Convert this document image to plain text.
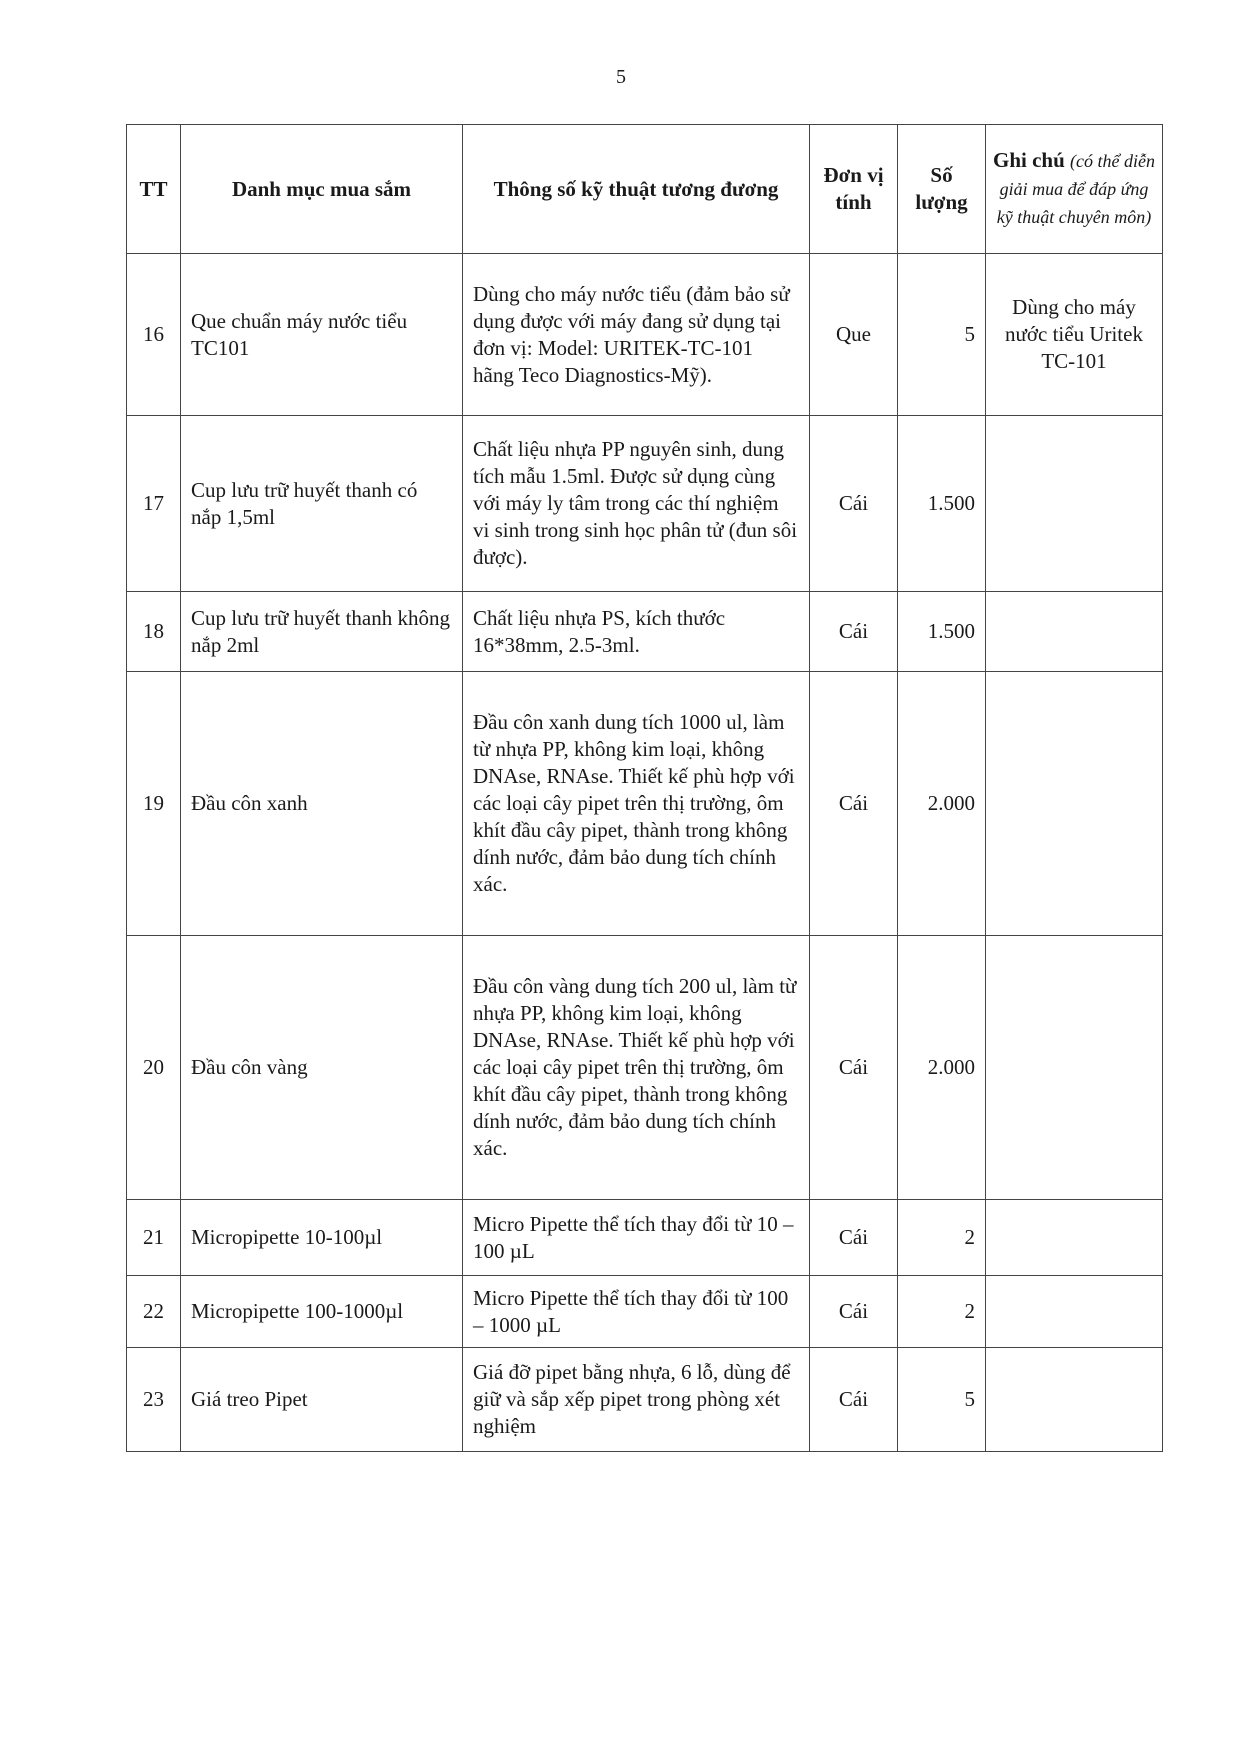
5
TT	Danh mục mua sắm	Thông số kỹ thuật tương đương	Đơn vị tính	Số lượng	Ghi chú (có thể diễn giải mua để đáp ứng kỹ thuật chuyên môn)
16	Que chuẩn máy nước tiểu TC101	Dùng cho máy nước tiểu (đảm bảo sử dụng được với máy đang sử dụng tại đơn vị: Model: URITEK-TC-101 hãng Teco Diagnostics-Mỹ).	Que	5	Dùng cho máy nước tiểu Uritek TC-101
17	Cup lưu trữ huyết thanh có nắp 1,5ml	Chất liệu nhựa PP nguyên sinh, dung tích mẫu 1.5ml. Được sử dụng cùng với máy ly tâm trong các thí nghiệm vi sinh trong sinh học phân tử (đun sôi được).	Cái	1.500	
18	Cup lưu trữ huyết thanh không nắp 2ml	Chất liệu nhựa PS, kích thước 16*38mm, 2.5-3ml.	Cái	1.500	
19	Đầu côn xanh	Đầu côn xanh dung tích 1000 ul, làm từ nhựa PP, không kim loại, không DNAse, RNAse. Thiết kế phù hợp với các loại cây pipet trên thị trường, ôm khít đầu cây pipet, thành trong không dính nước, đảm bảo dung tích chính xác.	Cái	2.000	
20	Đầu côn vàng	Đầu côn vàng dung tích 200 ul, làm từ nhựa PP, không kim loại, không DNAse, RNAse. Thiết kế phù hợp với các loại cây pipet trên thị trường, ôm khít đầu cây pipet, thành trong không dính nước, đảm bảo dung tích chính xác.	Cái	2.000	
21	Micropipette 10-100µl	Micro Pipette thể tích thay đổi từ 10 – 100 µL	Cái	2	
22	Micropipette 100-1000µl	Micro Pipette thể tích thay đổi từ 100 – 1000 µL	Cái	2	
23	Giá treo Pipet	Giá đỡ pipet bằng nhựa, 6 lỗ, dùng để giữ và sắp xếp pipet trong phòng xét nghiệm	Cái	5	
